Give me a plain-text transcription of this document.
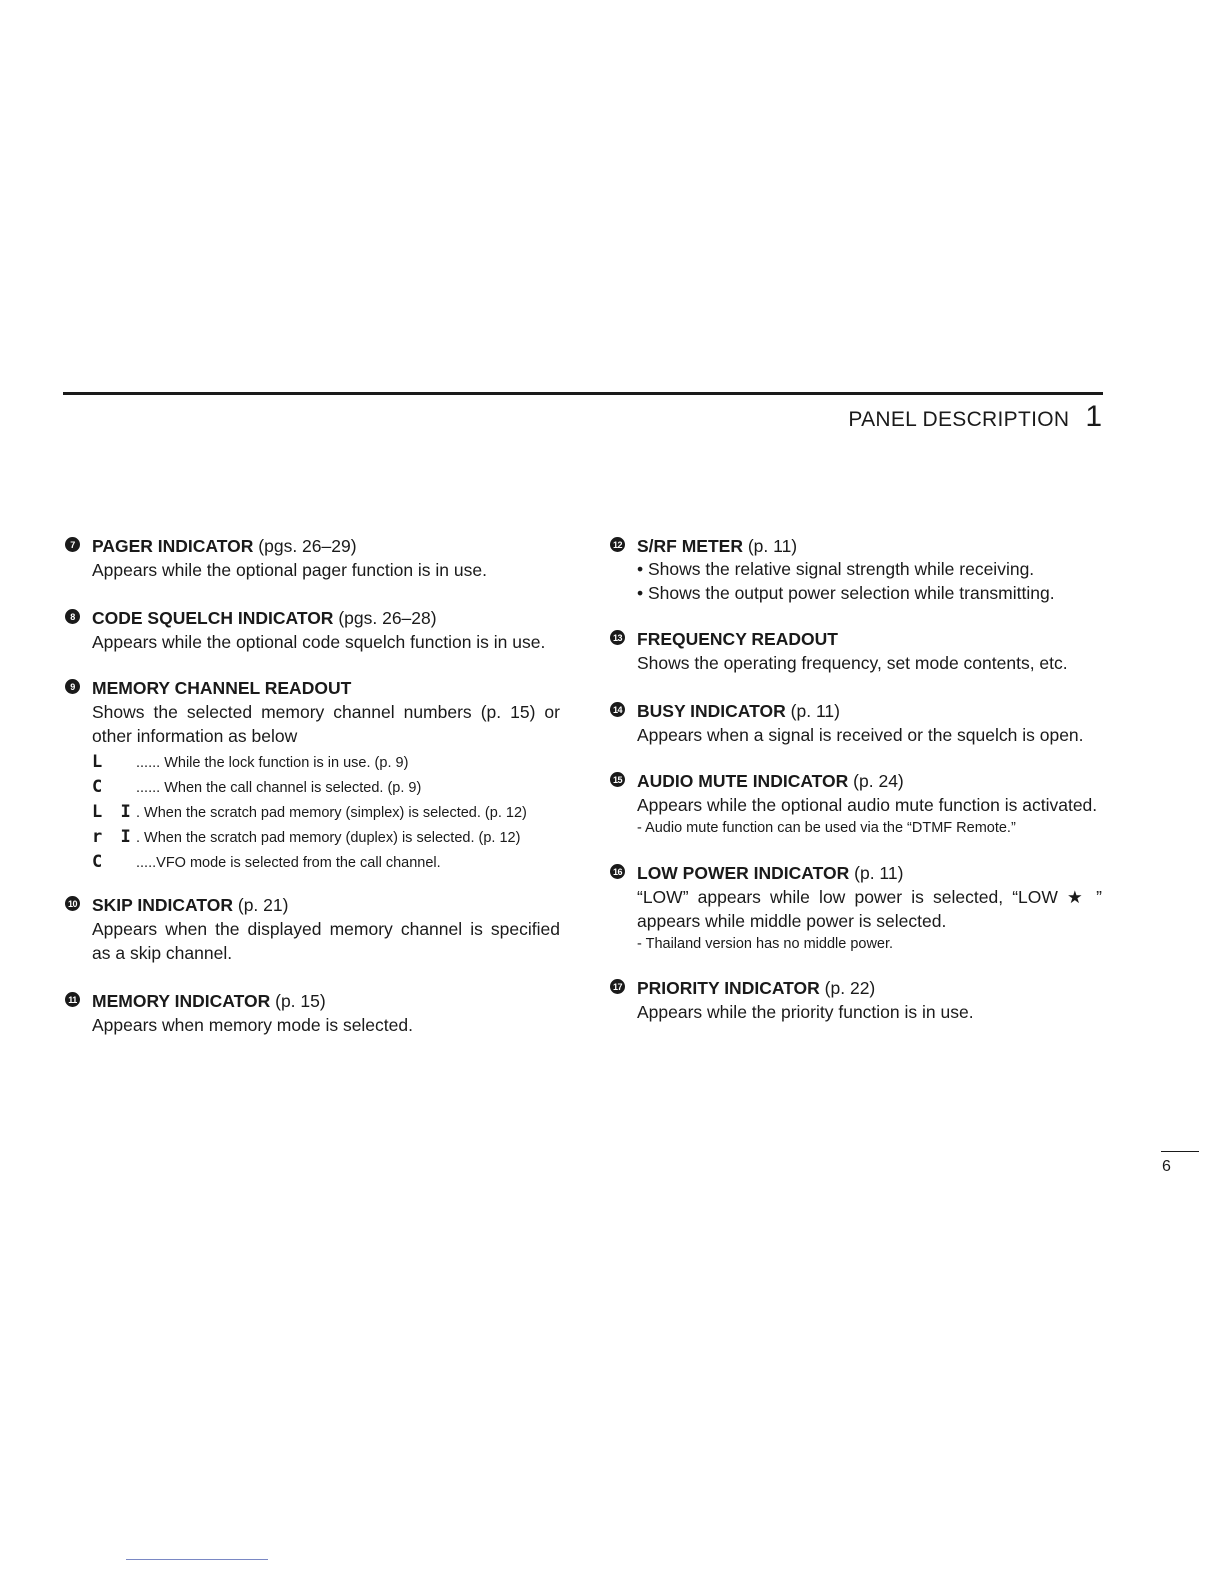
PANEL DESCRIPTION 1
7 PAGER INDICATOR (pgs. 26–29)
Appears while the optional pager function is in use.
8 CODE SQUELCH INDICATOR (pgs. 26–28)
Appears while the optional code squelch function is in use.
9 MEMORY CHANNEL READOUT
Shows the selected memory channel numbers (p. 15) or other information as below
L	...... While the lock function is in use. (p. 9)
C	...... When the call channel is selected. (p. 9)
L I . When the scratch pad memory (simplex) is selected. (p. 12)
r I . When the scratch pad memory (duplex) is selected. (p. 12)
C	.....VFO mode is selected from the call channel.
10 SKIP INDICATOR (p. 21)
Appears when the displayed memory channel is specified as a skip channel.
11 MEMORY INDICATOR (p. 15)
Appears when memory mode is selected.
12 S/RF METER (p. 11)
• Shows the relative signal strength while receiving.
• Shows the output power selection while transmitting.
13 FREQUENCY READOUT
Shows the operating frequency, set mode contents, etc.
14 BUSY INDICATOR (p. 11)
Appears when a signal is received or the squelch is open.
15 AUDIO MUTE INDICATOR (p. 24)
Appears while the optional audio mute function is activated.
- Audio mute function can be used via the “DTMF Remote.”
16 LOW POWER INDICATOR (p. 11)
“LOW” appears while low power is selected, “LOW ★ ” appears while middle power is selected.
- Thailand version has no middle power.
17 PRIORITY INDICATOR (p. 22)
Appears while the priority function is in use.
6
